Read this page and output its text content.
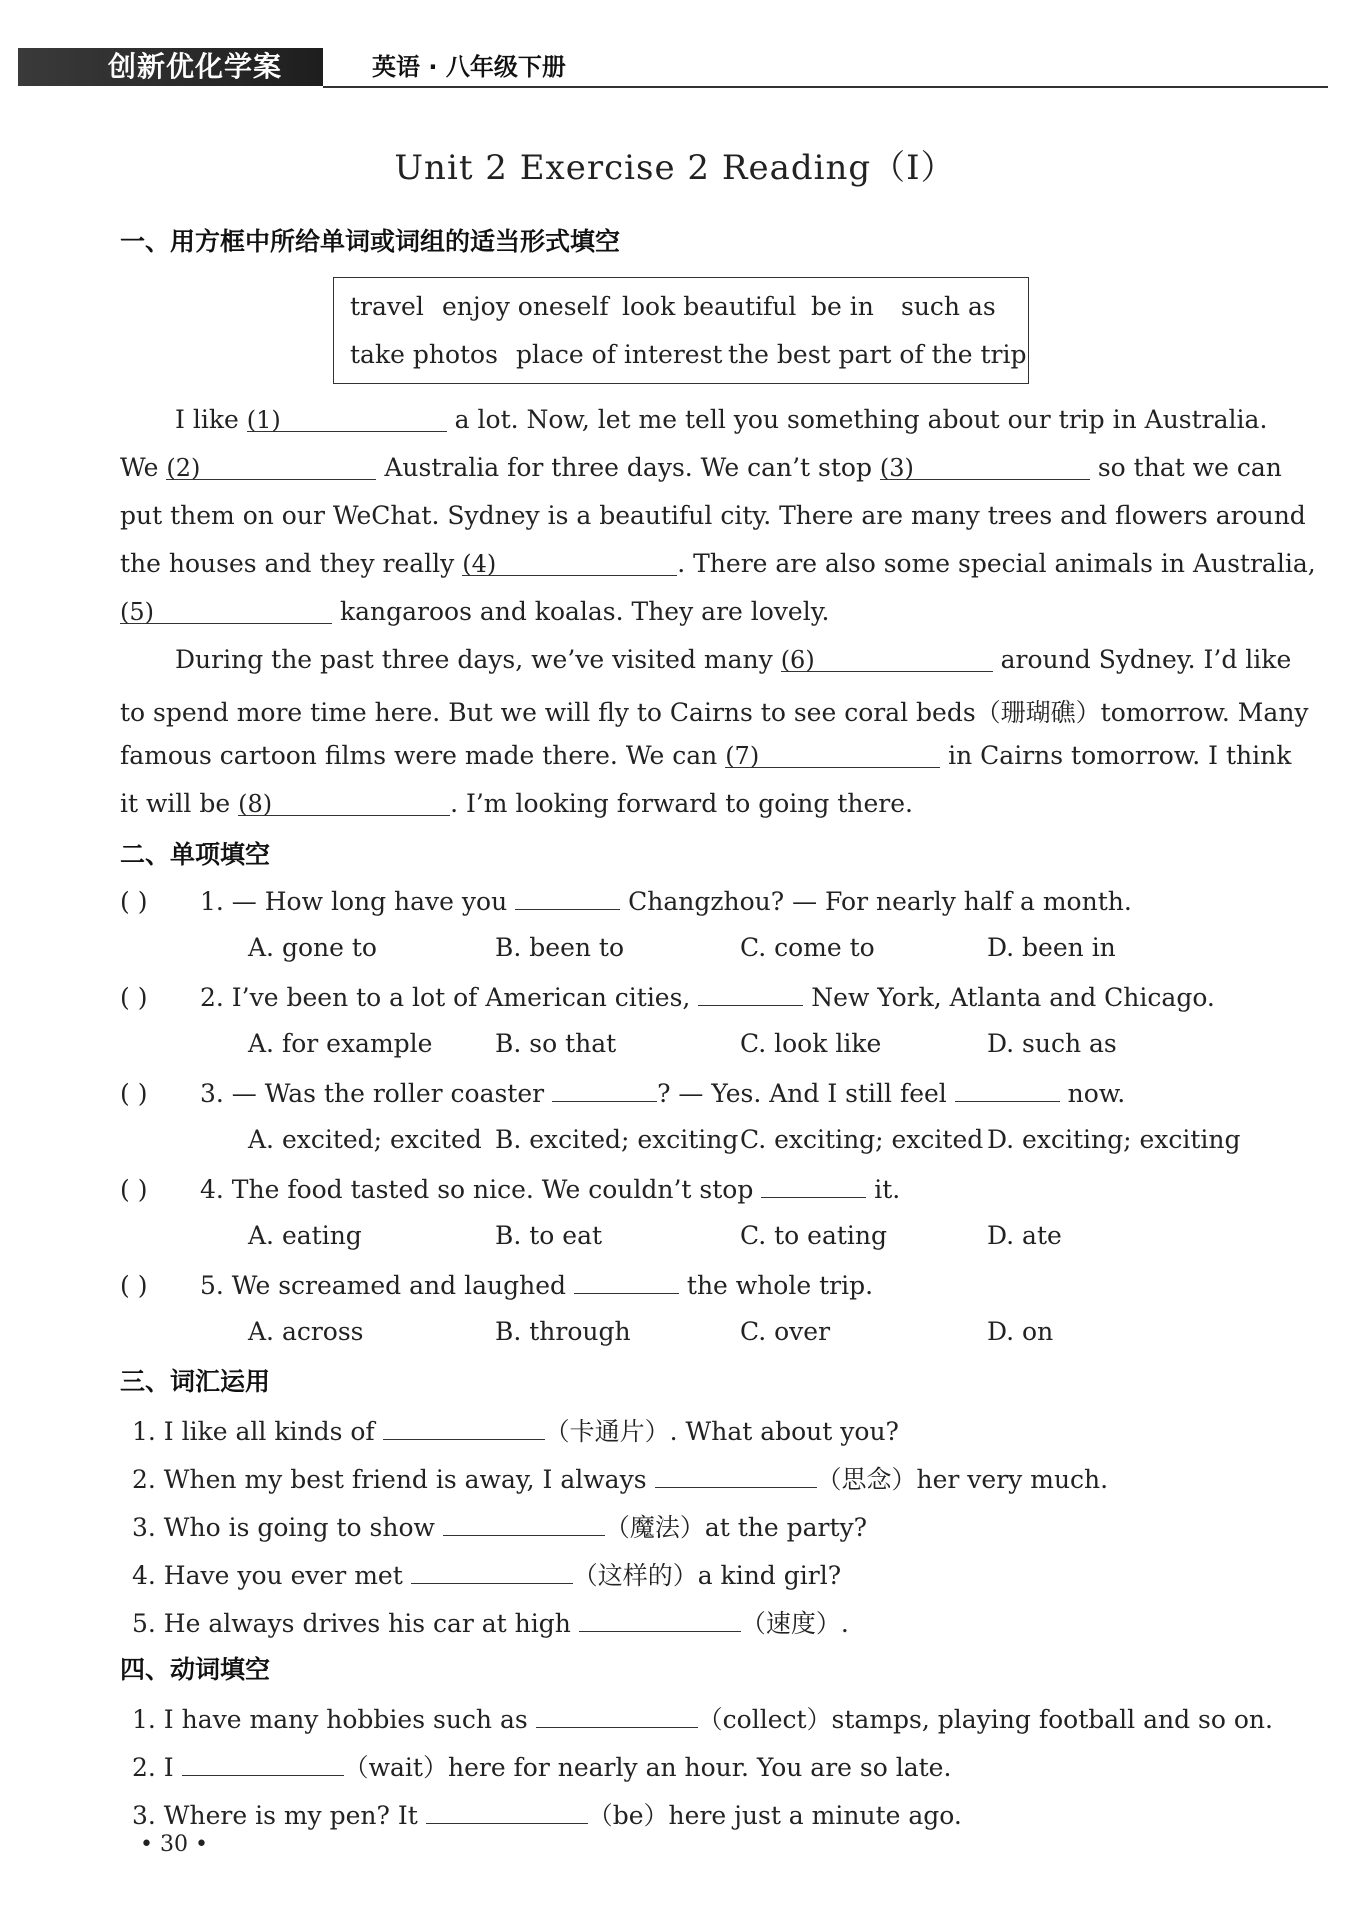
创新优化学案	英语 · 八年级下册
Unit 2 Exercise 2 Reading（Ⅰ）
一、用方框中所给单词或词组的适当形式填空
travel enjoy oneself look beautiful be in such as
take photos place of interest the best part of the trip
I like (1)	a lot. Now, let me tell you something about our trip in Australia.
We (2)	Australia for three days. We can’t stop (3)	so that we can
put them on our WeChat. Sydney is a beautiful city. There are many trees and flowers around
the houses and they really (4)	. There are also some special animals in Australia,
(5)	kangaroos and koalas. They are lovely.
During the past three days, we’ve visited many (6)	around Sydney. I’d like
to spend more time here. But we will fly to Cairns to see coral beds（珊瑚礁）tomorrow. Many
famous cartoon films were made there. We can (7)	in Cairns tomorrow. I think
it will be (8)	. I’m looking forward to going there.
二、单项填空
( ) 1. — How long have you	Changzhou? — For nearly half a month.
A. gone to	B. been to	C. come to	D. been in
( ) 2. I’ve been to a lot of American cities,	New York, Atlanta and Chicago.
A. for example	B. so that	C. look like	D. such as
( ) 3. — Was the roller coaster	? — Yes. And I still feel	now.
A. excited; excited B. excited; exciting C. exciting; excited D. exciting; exciting
( ) 4. The food tasted so nice. We couldn’t stop	it.
A. eating	B. to eat	C. to eating	D. ate
( ) 5. We screamed and laughed	the whole trip.
A. across	B. through	C. over	D. on
三、词汇运用
1. I like all kinds of	（卡通片）. What about you?
2. When my best friend is away, I always	（思念）her very much.
3. Who is going to show	（魔法）at the party?
4. Have you ever met	（这样的）a kind girl?
5. He always drives his car at high	（速度）.
四、动词填空
1. I have many hobbies such as	（collect）stamps, playing football and so on.
2. I	（wait）here for nearly an hour. You are so late.
3. Where is my pen? It	（be）here just a minute ago.
• 30 •
